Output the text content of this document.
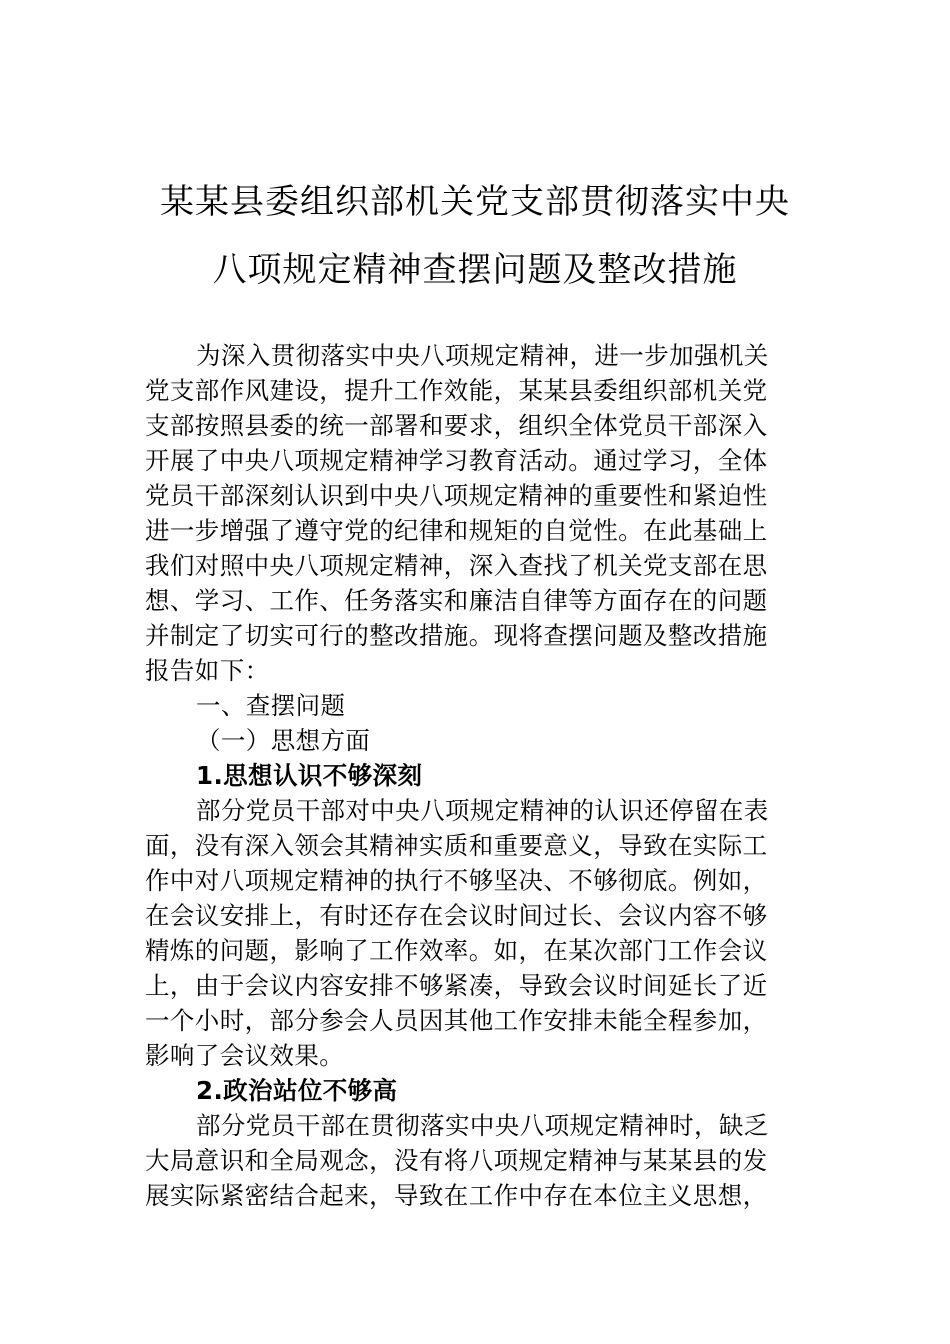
某某县委组织部机关党支部贯彻落实中央
八项规定精神查摆问题及整改措施
为深入贯彻落实中央八项规定精神，进一步加强机关
党支部作风建设，提升工作效能，某某县委组织部机关党
支部按照县委的统一部署和要求，组织全体党员干部深入
开展了中央八项规定精神学习教育活动。通过学习，全体
党员干部深刻认识到中央八项规定精神的重要性和紧迫性
进一步增强了遵守党的纪律和规矩的自觉性。在此基础上
我们对照中央八项规定精神，深入查找了机关党支部在思
想、学习、工作、任务落实和廉洁自律等方面存在的问题
并制定了切实可行的整改措施。现将查摆问题及整改措施
报告如下：
一、查摆问题
（一）思想方面
1.思想认识不够深刻
部分党员干部对中央八项规定精神的认识还停留在表
面，没有深入领会其精神实质和重要意义，导致在实际工
作中对八项规定精神的执行不够坚决、不够彻底。例如，
在会议安排上，有时还存在会议时间过长、会议内容不够
精炼的问题，影响了工作效率。如，在某次部门工作会议
上，由于会议内容安排不够紧凑，导致会议时间延长了近
一个小时，部分参会人员因其他工作安排未能全程参加，
影响了会议效果。
2.政治站位不够高
部分党员干部在贯彻落实中央八项规定精神时，缺乏
大局意识和全局观念，没有将八项规定精神与某某县的发
展实际紧密结合起来，导致在工作中存在本位主义思想，
